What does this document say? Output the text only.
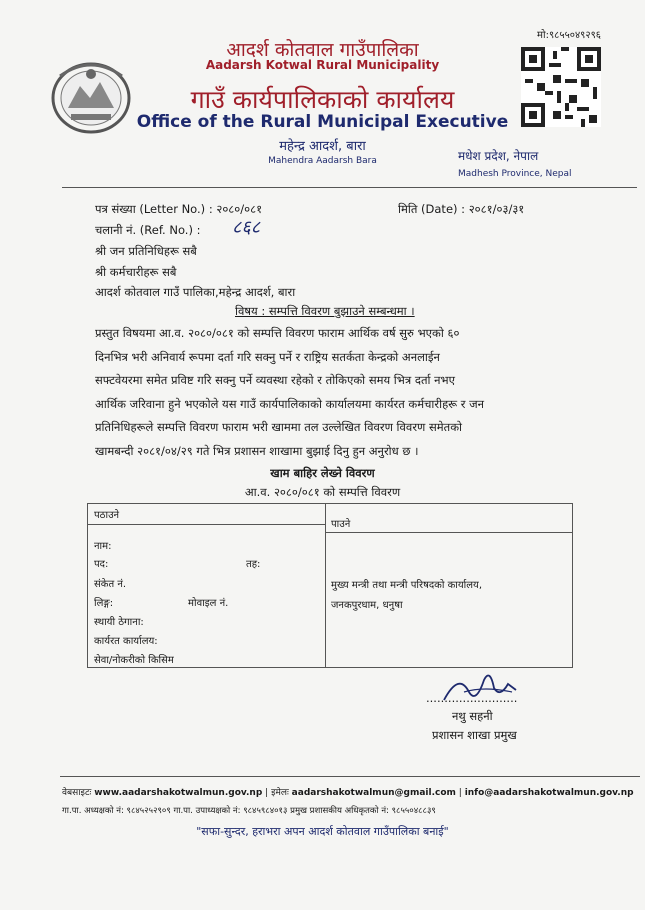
आदर्श कोतवाल गाउँपालिका
Aadarsh Kotwal Rural Municipality
गाउँ कार्यपालिकाको कार्यालय
Office of the Rural Municipal Executive
महेन्द्र आदर्श, बारा
Mahendra Aadarsh Bara
मो:९८५५०४९२९६
मधेश प्रदेश, नेपाल
Madhesh Province, Nepal
पत्र संख्या (Letter No.) : २०८०/०८१	मिति (Date) : २०८१/०३/३१
चलानी नं. (Ref. No.) : ८६८
श्री जन प्रतिनिधिहरू सबै
श्री कर्मचारीहरू सबै
आदर्श कोतवाल गाउँ पालिका,महेन्द्र आदर्श, बारा
विषय : सम्पत्ति विवरण बुझाउने सम्बन्धमा ।
प्रस्तुत विषयमा आ.व. २०८०/०८१ को सम्पत्ति विवरण फाराम आर्थिक वर्ष सुरु भएको ६०
दिनभित्र भरी अनिवार्य रूपमा दर्ता गरि सक्नु पर्ने र राष्ट्रिय सतर्कता केन्द्रको अनलाईन
सफ्टवेयरमा समेत प्रविष्ट गरि सक्नु पर्ने व्यवस्था रहेको र तोकिएको समय भित्र दर्ता नभए
आर्थिक जरिवाना हुने भएकोले यस गाउँ कार्यपालिकाको कार्यालयमा कार्यरत कर्मचारीहरू र जन
प्रतिनिधिहरूले सम्पत्ति विवरण फाराम भरी खाममा तल उल्लेखित विवरण विवरण समेतको
खामबन्दी २०८१/०४/२९ गते भित्र प्रशासन शाखामा बुझाई दिनु हुन अनुरोध छ ।
खाम बाहिर लेख्ने विवरण
आ.व. २०८०/०८१ को सम्पत्ति विवरण
पठाउने
पाउने
नाम:
पद:	तह:
संकेत नं.
लिङ्ग:	मोवाइल नं.
स्थायी ठेगाना:
कार्यरत कार्यालय:
सेवा/नोकरीको किसिम
मुख्य मन्त्री तथा मन्त्री परिषदको कार्यालय,
जनकपुरधाम, धनुषा
.........................
नथु सहनी
प्रशासन शाखा प्रमुख
वेबसाइटः www.aadarshakotwalmun.gov.np | इमेलः aadarshakotwalmun@gmail.com | info@aadarshakotwalmun.gov.np
गा.पा. अध्यक्षको नं: ९८४५२५२९०९ गा.पा. उपाध्यक्षको नं: ९८४५९८४०१३ प्रमुख प्रशासकीय अधिकृतको नं: ९८५५०४८८३९
"सफा-सुन्दर, हराभरा अपन आदर्श कोतवाल गाउँपालिका बनाई"
